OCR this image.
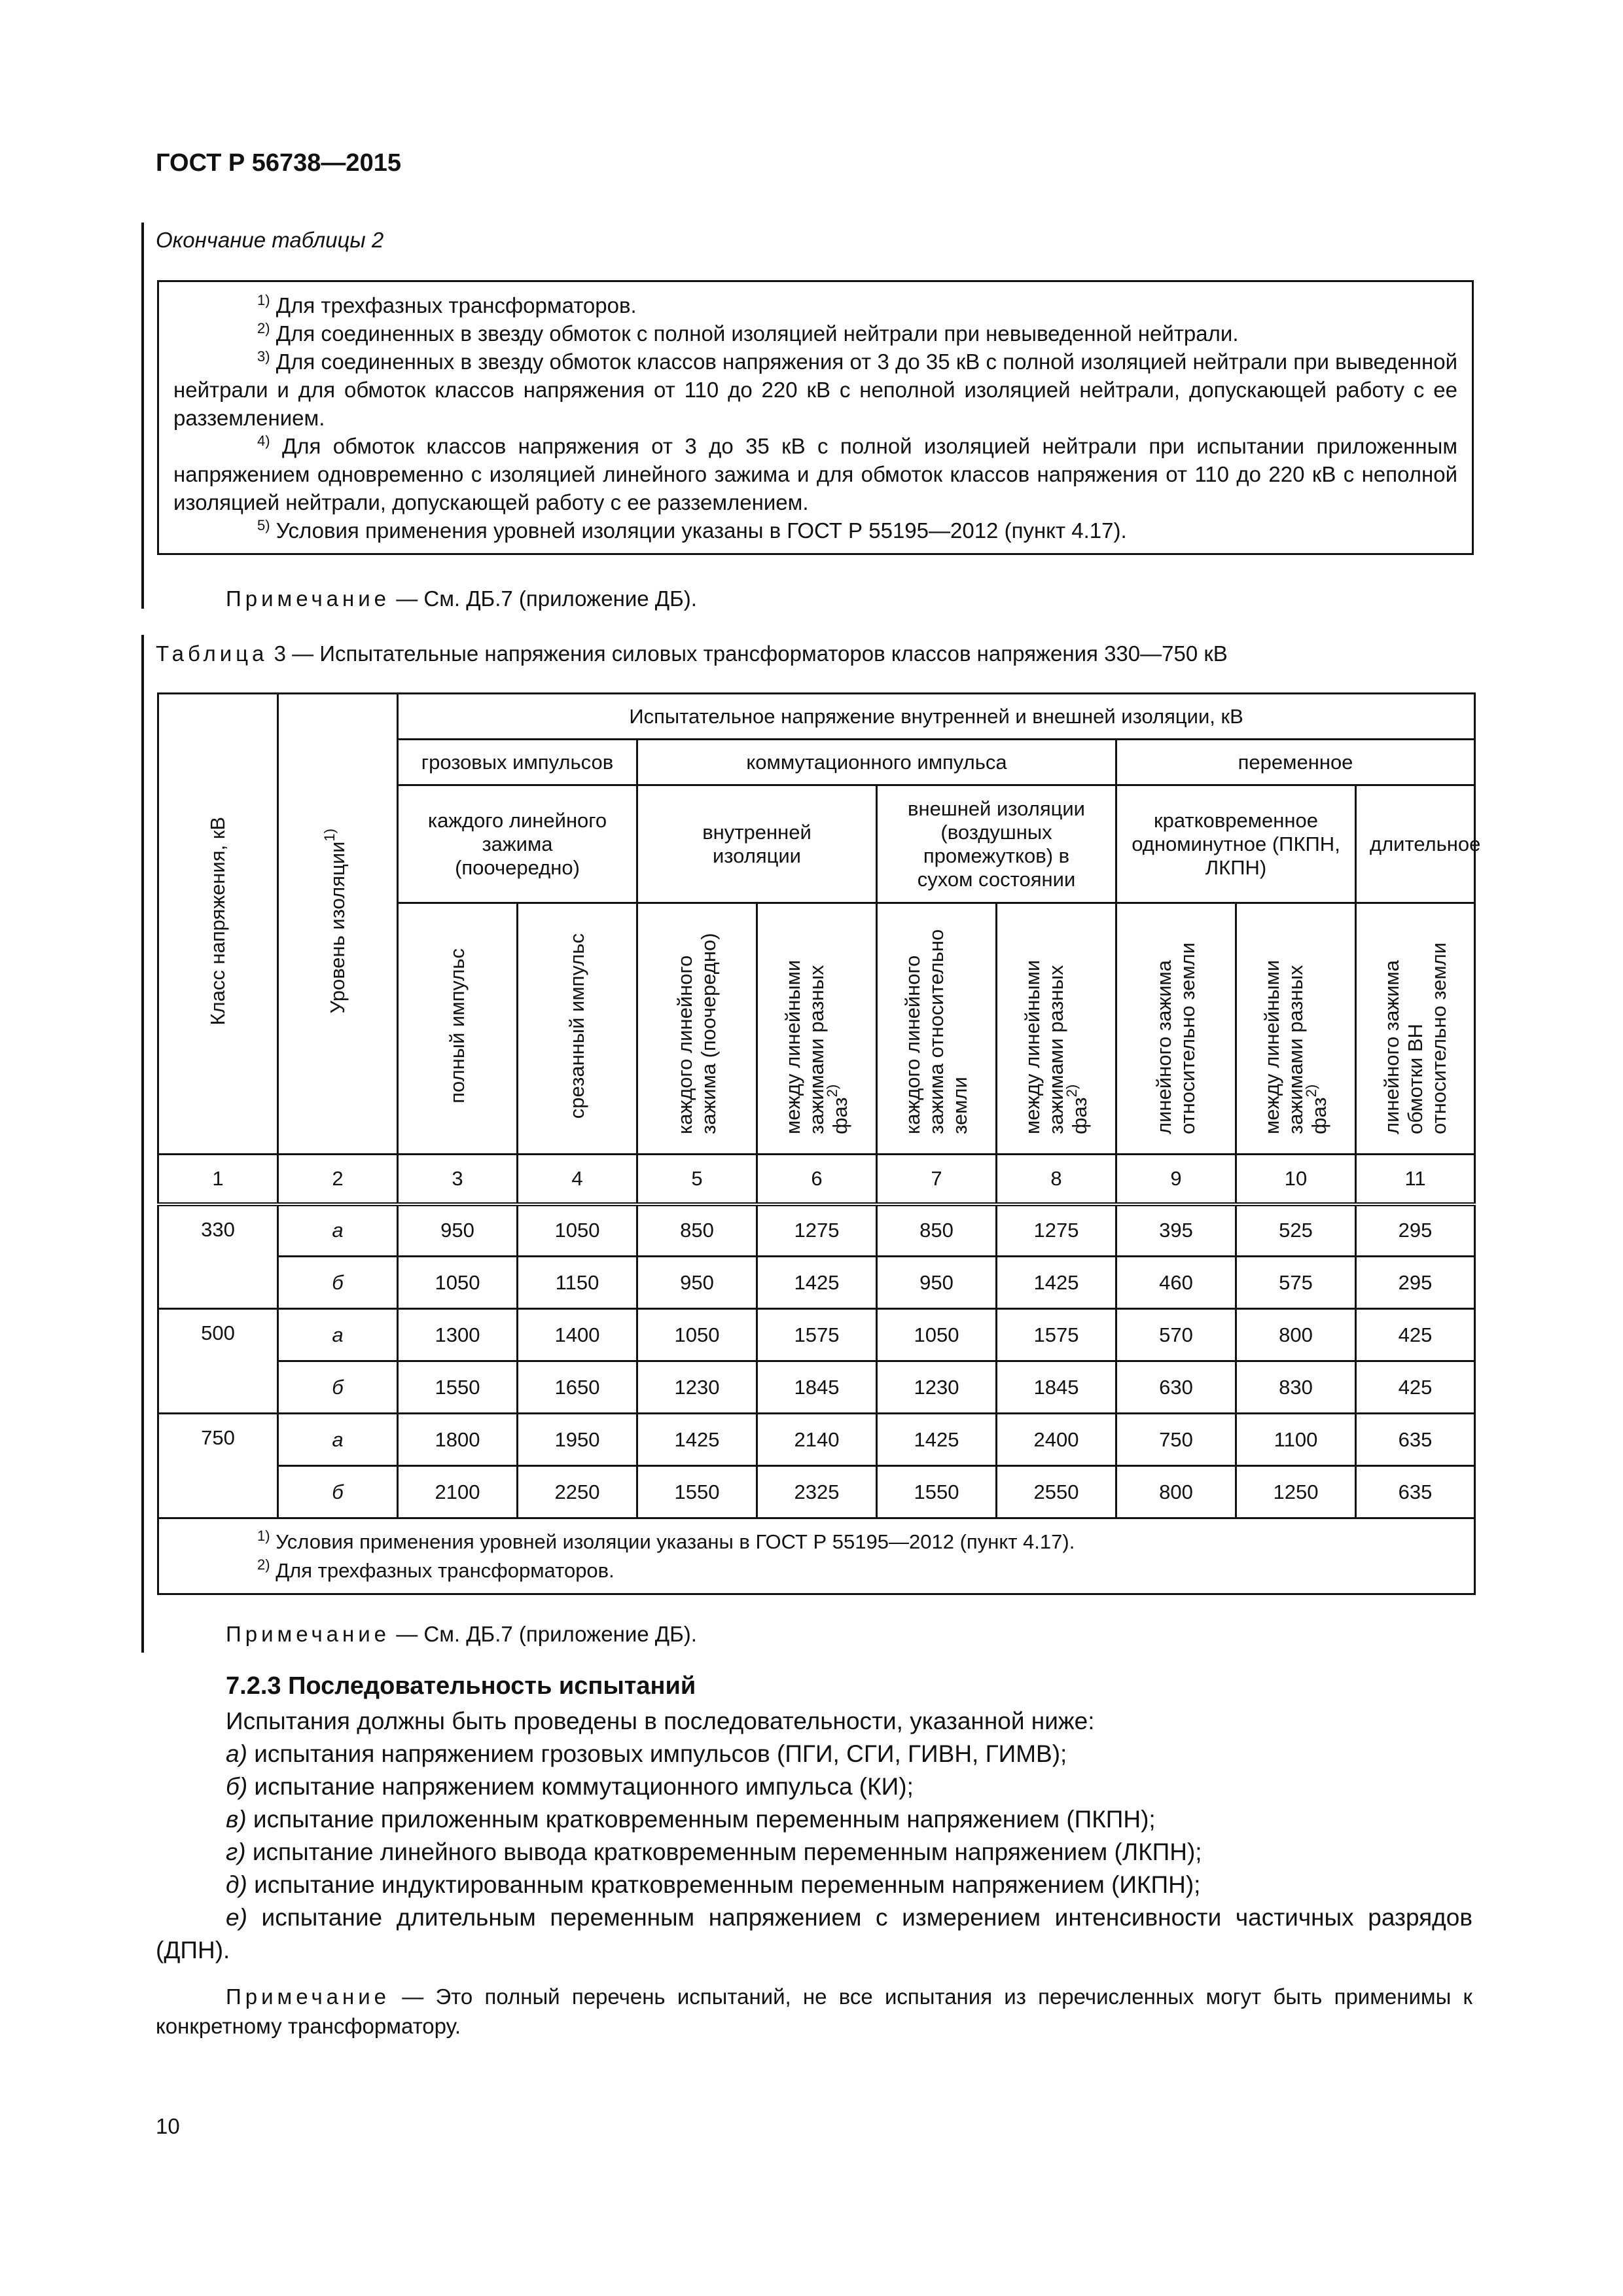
ГОСТ Р 56738—2015
Окончание таблицы 2

$^{1)}$ Для трехфазных трансформаторов.

$^{2)}$ Для соединенных в звезду обмоток с полной изоляцией нейтрали при невыведенной нейтрали.

$^{3)}$ Для соединенных в звезду обмоток классов напряжения от 3 до 35 кВ с полной изоляцией нейтрали при выведенной нейтрали и для обмоток классов напряжения от 110 до 220 кВ с неполной изоляцией нейтрали, допускающей работу с ее разземлением.

$^{4)}$ Для обмоток классов напряжения от 3 до 35 кВ с полной изоляцией нейтрали при испытании приложенным напряжением одновременно с изоляцией линейного зажима и для обмоток классов напряжения от 110 до 220 кВ с неполной изоляцией нейтрали, допускающей работу с ее разземлением.

$^{5)}$ Условия применения уровней изоляции указаны в ГОСТ Р 55195—2012 (пункт 4.17).

Примечание — См. ДБ.7 (приложение ДБ).
Таблица 3 — Испытательные напряжения силовых трансформаторов классов напряжения 330—750 кВ
Класс напряжения, кВ	Уровень изоляции$^{1)}$	Испытательное напряжение внутренней и внешней изоляции, кВ								
		грозовых импульсов		коммутационного импульса				переменное		

		каждого линейного зажима (поочередно)		внутренней изоляции		внешней изоляции (воздушных промежутков) в сухом состоянии		кратковременное одноминутное (ПКПН, ЛКПН)		длительное

		полный импульс	срезанный импульс	каждого линейного зажима (поочередно)	между линейными зажимами разных фаз$^{2)}$	каждого линейного зажима относительно земли	между линейными зажимами разных фаз$^{2)}$	линейного зажима относительно земли	между линейными зажимами разных фаз$^{2)}$	линейного зажима обмотки ВН относительно земли
1	2	3	4	5	6	7	8	9	10	11
330	а	950	1050	850	1275	850	1275	395	525	295
	б	1050	1150	950	1425	950	1425	460	575	295
500	а	1300	1400	1050	1575	1050	1575	570	800	425
	б	1550	1650	1230	1845	1230	1845	630	830	425
750	а	1800	1950	1425	2140	1425	2400	750	1100	635
	б	2100	2250	1550	2325	1550	2550	800	1250	635

$^{1)}$ Условия применения уровней изоляции указаны в ГОСТ Р 55195—2012 (пункт 4.17).
$^{2)}$ Для трехфазных трансформаторов.										
Примечание — См. ДБ.7 (приложение ДБ).
7.2.3 Последовательность испытаний

Испытания должны быть проведены в последовательности, указанной ниже:

а) испытания напряжением грозовых импульсов (ПГИ, СГИ, ГИВН, ГИМВ);

б) испытание напряжением коммутационного импульса (КИ);

в) испытание приложенным кратковременным переменным напряжением (ПКПН);

г) испытание линейного вывода кратковременным переменным напряжением (ЛКПН);

д) испытание индуктированным кратковременным переменным напряжением (ИКПН);

е) испытание длительным переменным напряжением с измерением интенсивности частичных разрядов (ДПН).

Примечание — Это полный перечень испытаний, не все испытания из перечисленных могут быть применимы к конкретному трансформатору.

10
